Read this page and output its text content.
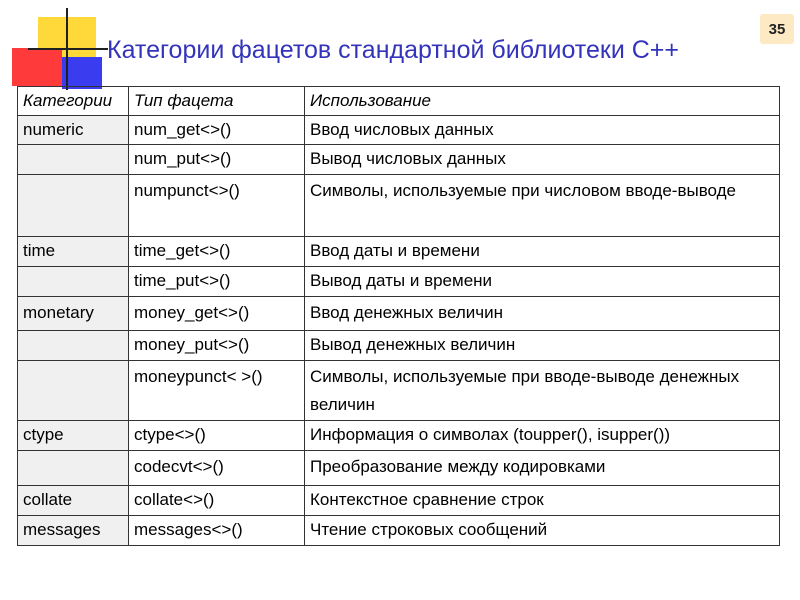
Категории фацетов стандартной библиотеки C++
35
Категории	Тип фацета	Использование
numeric	num_get<>()	Ввод числовых данных
	num_put<>()	Вывод числовых данных
	numpunct<>()	Символы, используемые при числовом вводе-выводе
time	time_get<>()	Ввод даты и времени
	time_put<>()	Вывод даты и времени
monetary	money_get<>()	Ввод денежных величин
	money_put<>()	Вывод денежных величин
	moneypunct< >()	Символы, используемые при вводе-выводе денежных величин
ctype	ctype<>()	Информация о символах (toupper(), isupper())
	codecvt<>()	Преобразование между кодировками
collate	collate<>()	Контекстное сравнение строк
messages	messages<>()	Чтение строковых сообщений
